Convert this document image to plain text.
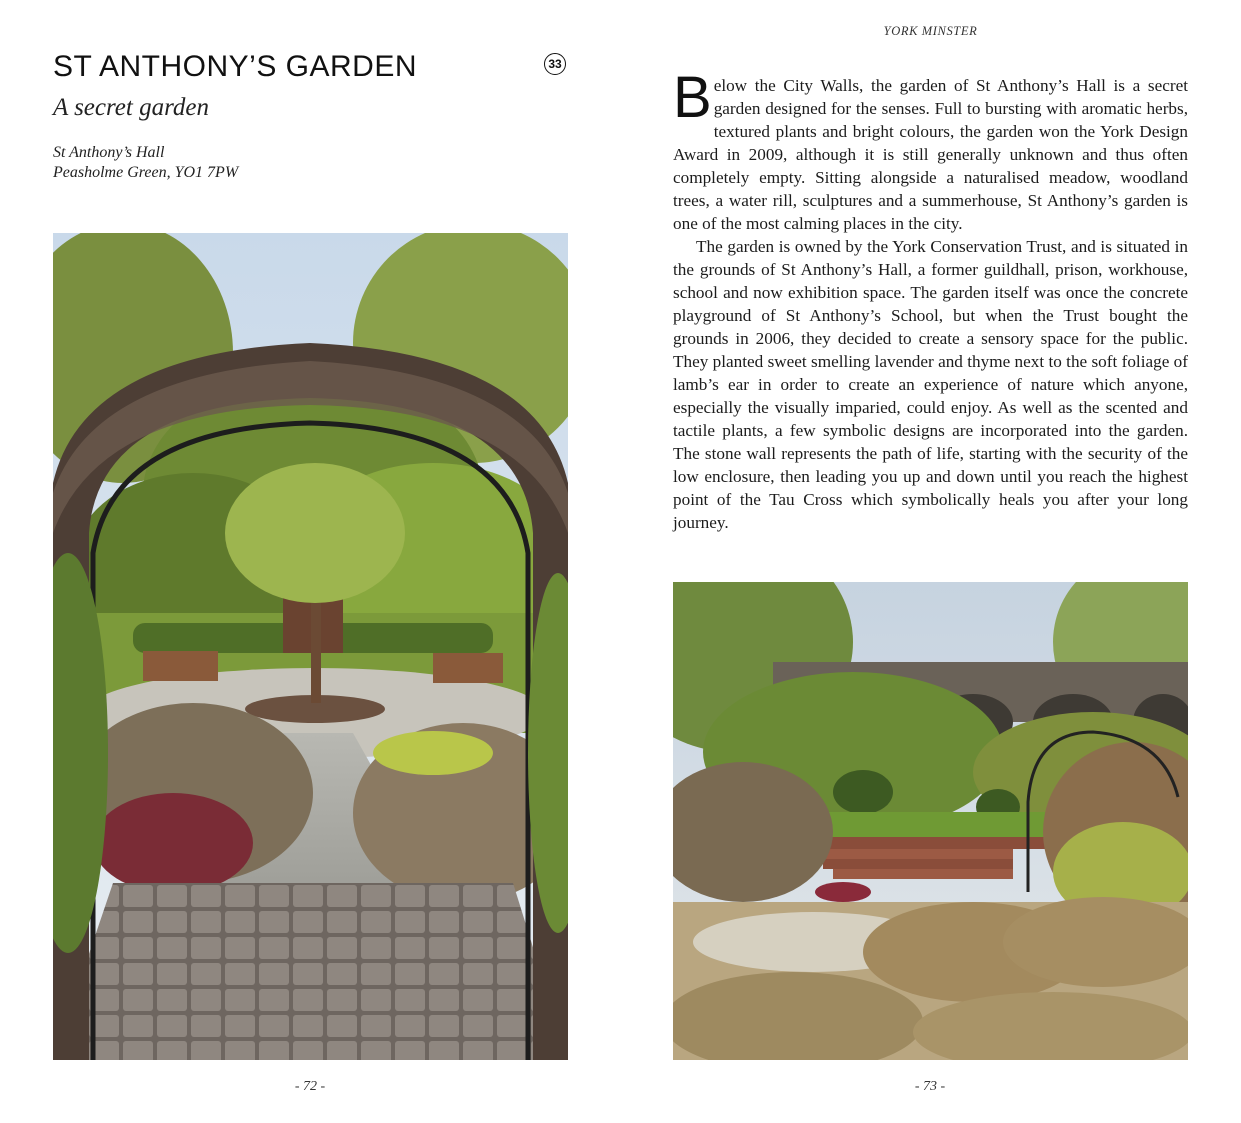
ST ANTHONY’S GARDEN	33
A secret garden
St Anthony’s Hall
Peasholme Green, YO1 7PW
- 72 -
YORK MINSTER

Below the City Walls, the garden of St Anthony’s Hall is a secret garden designed for the senses. Full to bursting with aromatic herbs, textured plants and bright colours, the garden won the York Design Award in 2009, although it is still generally unknown and thus often completely empty. Sitting alongside a naturalised meadow, woodland trees, a water rill, sculptures and a summerhouse, St Anthony’s garden is one of the most calming places in the city.

The garden is owned by the York Conservation Trust, and is situated in the grounds of St Anthony’s Hall, a former guildhall, prison, workhouse, school and now exhibition space. The garden itself was once the concrete playground of St Anthony’s School, but when the Trust bought the grounds in 2006, they decided to create a sensory space for the public. They planted sweet smelling lavender and thyme next to the soft foliage of lamb’s ear in order to create an experience of nature which anyone, especially the visually imparied, could enjoy. As well as the scented and tactile plants, a few symbolic designs are incorporated into the garden. The stone wall represents the path of life, starting with the security of the low enclosure, then leading you up and down until you reach the highest point of the Tau Cross which symbolically heals you after your long journey.

- 73 -
